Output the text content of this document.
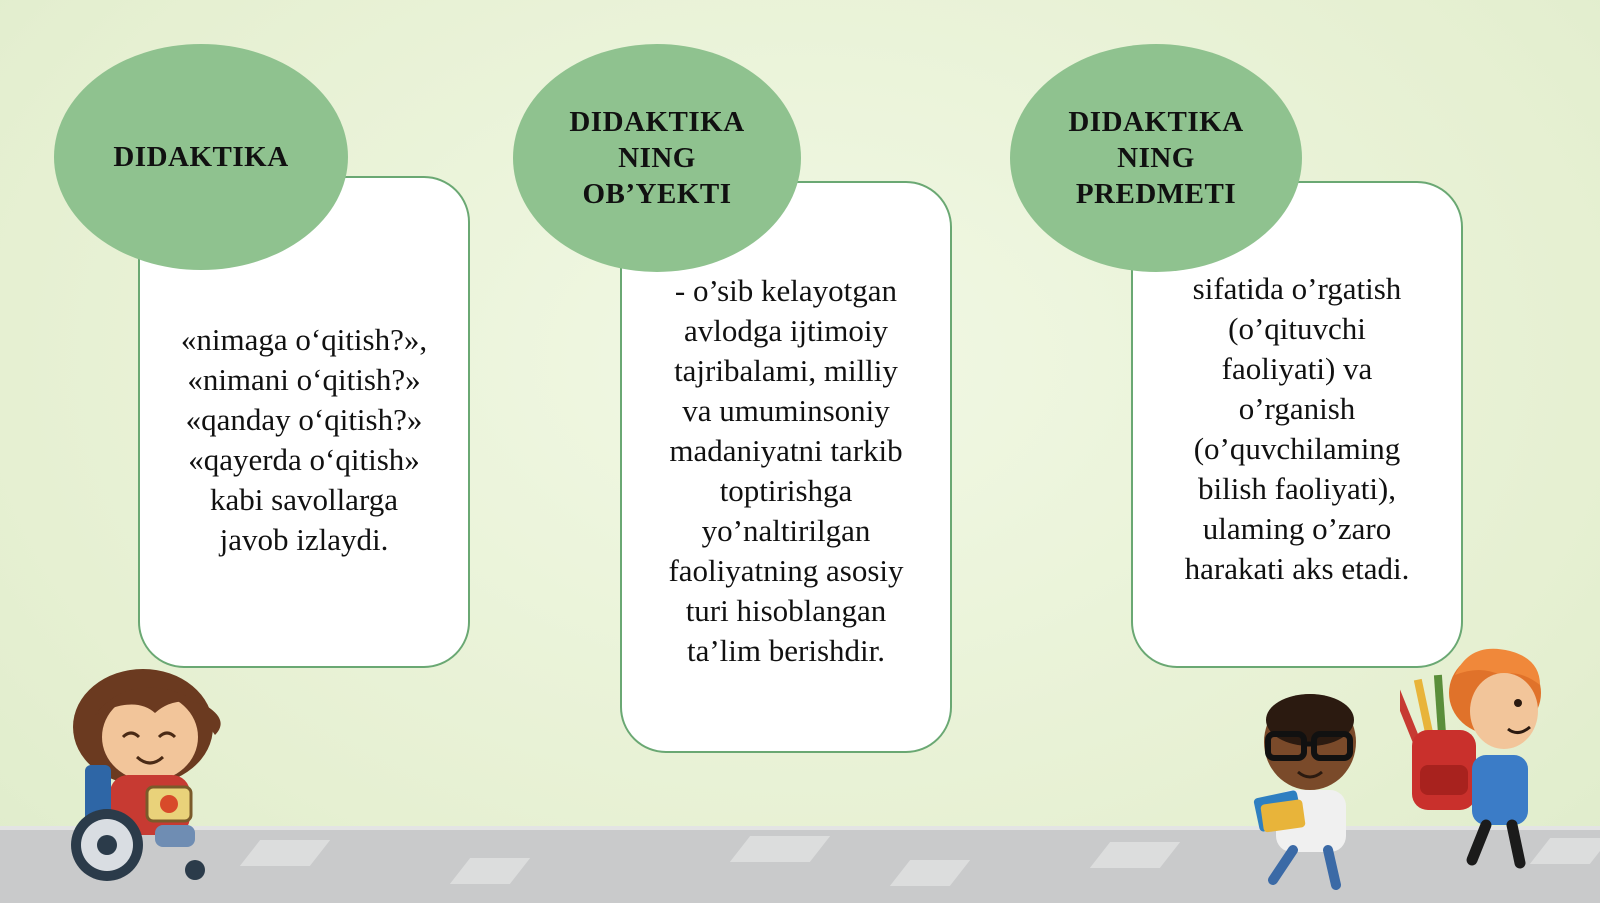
«nimaga o‘qitish?»,
«nimani o‘qitish?»
«qanday o‘qitish?»
«qayerda o‘qitish»
kabi savollarga
javob izlaydi.
DIDAKTIKA
- o’sib kelayotgan
avlodga ijtimoiy
tajribalami, milliy
va umuminsoniy
madaniyatni tarkib
toptirishga
yo’naltirilgan
faoliyatning asosiy
turi hisoblangan
ta’lim berishdir.
DIDAKTIKA
NING
OB’YEKTI
sifatida o’rgatish
(o’qituvchi
faoliyati) va
o’rganish
(o’quvchilaming
bilish faoliyati),
ulaming o’zaro
harakati aks etadi.
DIDAKTIKA
NING
PREDMETI
